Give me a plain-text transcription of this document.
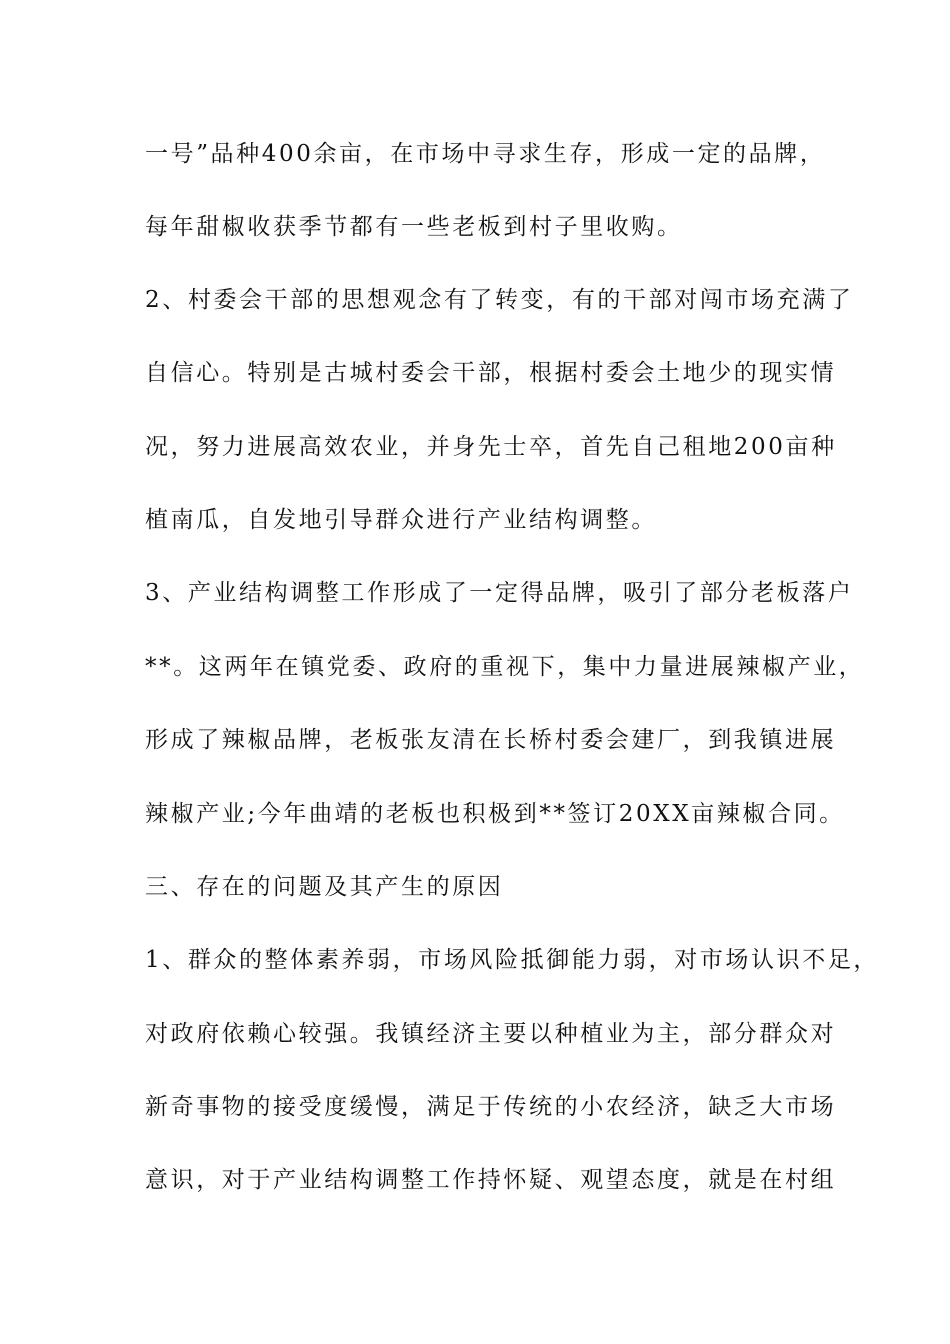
一号”品种400余亩，在市场中寻求生存，形成一定的品牌，
每年甜椒收获季节都有一些老板到村子里收购。
2、村委会干部的思想观念有了转变，有的干部对闯市场充满了
自信心。特别是古城村委会干部，根据村委会土地少的现实情
况，努力进展高效农业，并身先士卒，首先自己租地200亩种
植南瓜，自发地引导群众进行产业结构调整。
3、产业结构调整工作形成了一定得品牌，吸引了部分老板落户
**。这两年在镇党委、政府的重视下，集中力量进展辣椒产业，
形成了辣椒品牌，老板张友清在长桥村委会建厂，到我镇进展
辣椒产业;今年曲靖的老板也积极到**签订20XX亩辣椒合同。
三、存在的问题及其产生的原因
1、群众的整体素养弱，市场风险抵御能力弱，对市场认识不足，
对政府依赖心较强。我镇经济主要以种植业为主，部分群众对
新奇事物的接受度缓慢，满足于传统的小农经济，缺乏大市场
意识，对于产业结构调整工作持怀疑、观望态度，就是在村组
